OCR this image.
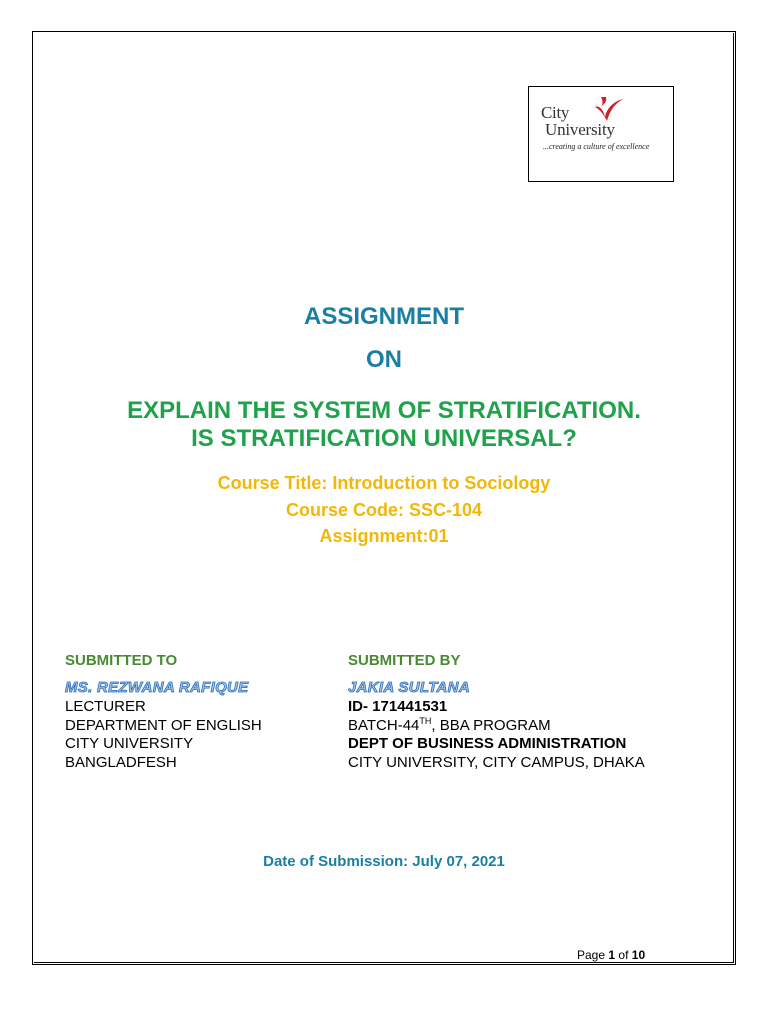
City
University
...creating a culture of excellence
ASSIGNMENT
ON
EXPLAIN THE SYSTEM OF STRATIFICATION.
IS STRATIFICATION UNIVERSAL?
Course Title: Introduction to Sociology
Course Code: SSC-104
Assignment:01
SUBMITTED TO
MS. REZWANA RAFIQUE
LECTURER
DEPARTMENT OF ENGLISH
CITY UNIVERSITY
BANGLADFESH
SUBMITTED BY
JAKIA SULTANA
ID- 171441531
BATCH-44TH, BBA PROGRAM
DEPT OF BUSINESS ADMINISTRATION
CITY UNIVERSITY, CITY CAMPUS, DHAKA
Date of Submission: July 07, 2021
Page 1 of 10
